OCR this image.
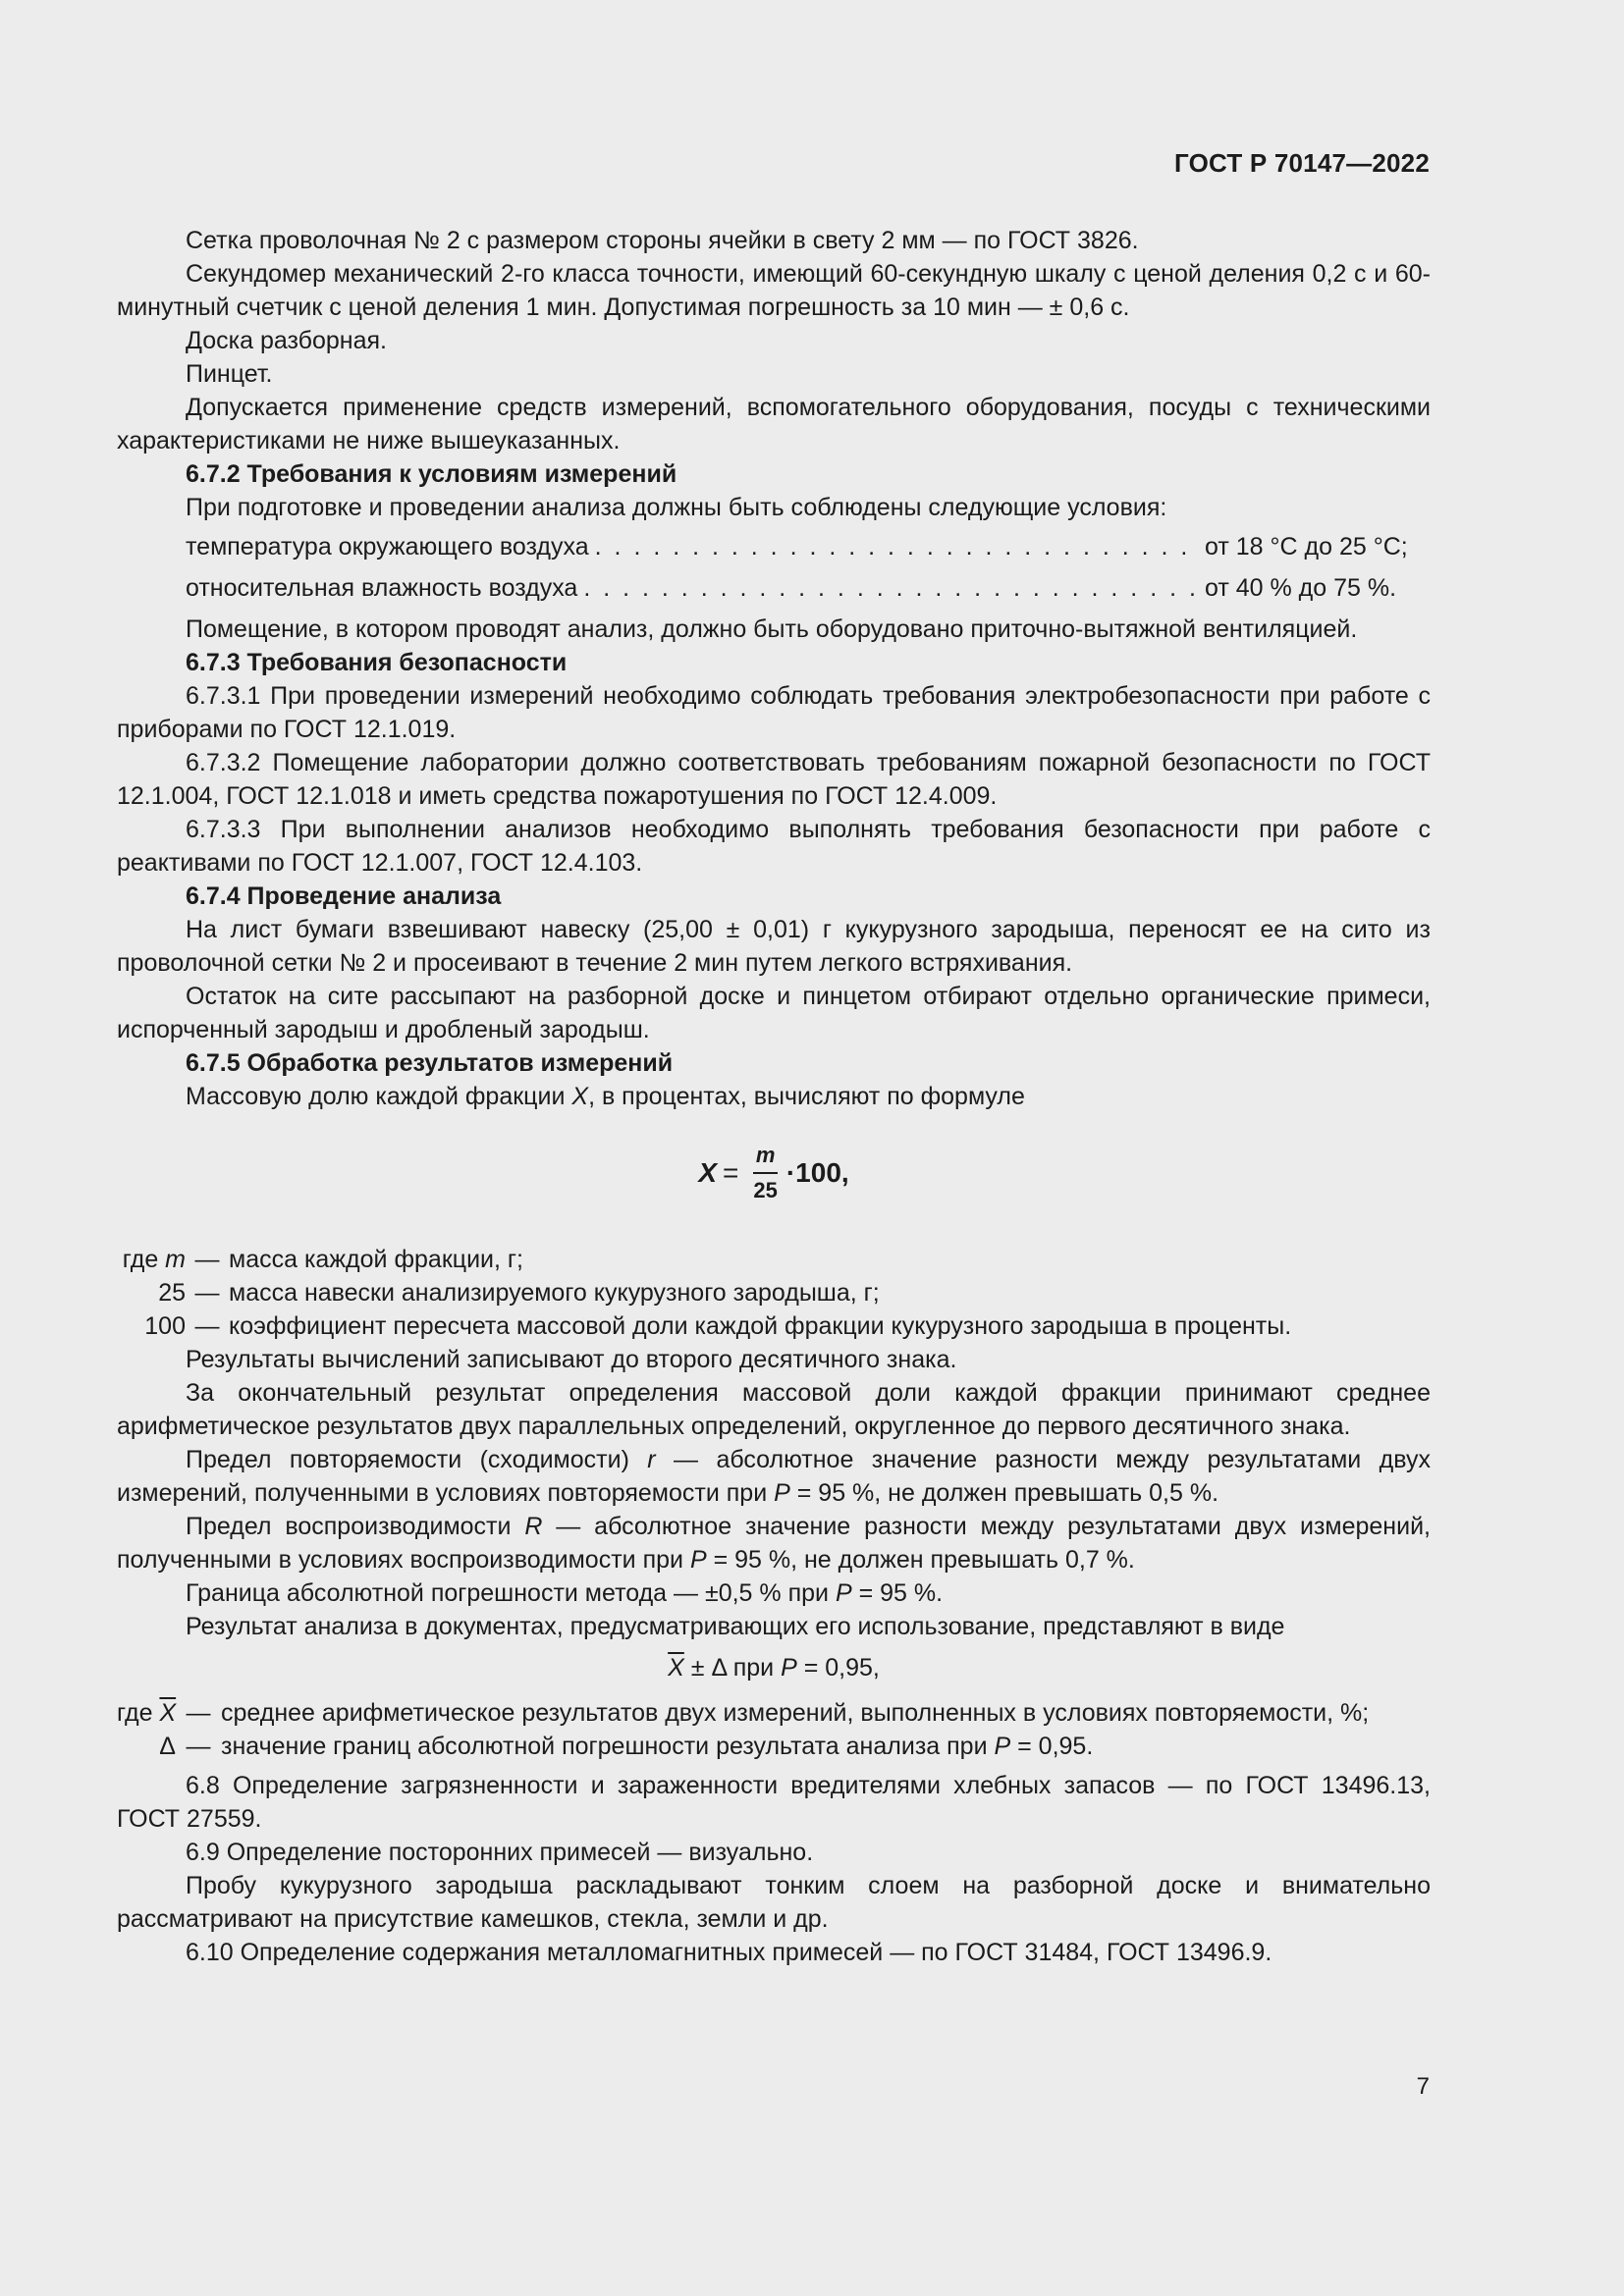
ГОСТ Р 70147—2022

Сетка проволочная № 2 с размером стороны ячейки в свету 2 мм — по ГОСТ 3826.

Секундомер механический 2-го класса точности, имеющий 60-секундную шкалу с ценой деления 0,2 с и 60-минутный счетчик с ценой деления 1 мин. Допустимая погрешность за 10 мин — ± 0,6 с.

Доска разборная.

Пинцет.

Допускается применение средств измерений, вспомогательного оборудования, посуды с техническими характеристиками не ниже вышеуказанных.

6.7.2 Требования к условиям измерений

При подготовке и проведении анализа должны быть соблюдены следующие условия:

температура окружающего воздуха . . .	от 18 °С до 25 °С;
относительная влажность воздуха . . .	от 40 % до 75 %.

Помещение, в котором проводят анализ, должно быть оборудовано приточно-вытяжной вентиляцией.

6.7.3 Требования безопасности

6.7.3.1 При проведении измерений необходимо соблюдать требования электробезопасности при работе с приборами по ГОСТ 12.1.019.

6.7.3.2 Помещение лаборатории должно соответствовать требованиям пожарной безопасности по ГОСТ 12.1.004, ГОСТ 12.1.018 и иметь средства пожаротушения по ГОСТ 12.4.009.

6.7.3.3 При выполнении анализов необходимо выполнять требования безопасности при работе с реактивами по ГОСТ 12.1.007, ГОСТ 12.4.103.

6.7.4 Проведение анализа

На лист бумаги взвешивают навеску (25,00 ± 0,01) г кукурузного зародыша, переносят ее на сито из проволочной сетки № 2 и просеивают в течение 2 мин путем легкого встряхивания.

Остаток на сите рассыпают на разборной доске и пинцетом отбирают отдельно органические примеси, испорченный зародыш и дробленый зародыш.

6.7.5 Обработка результатов измерений

Массовую долю каждой фракции X, в процентах, вычисляют по формуле

$X = \frac{m}{25} \cdot 100$,
где m — масса каждой фракции, г;
25 — масса навески анализируемого кукурузного зародыша, г;
100 — коэффициент пересчета массовой доли каждой фракции кукурузного зародыша в проценты.

Результаты вычислений записывают до второго десятичного знака.

За окончательный результат определения массовой доли каждой фракции принимают среднее арифметическое результатов двух параллельных определений, округленное до первого десятичного знака.

Предел повторяемости (сходимости) r — абсолютное значение разности между результатами двух измерений, полученными в условиях повторяемости при P = 95 %, не должен превышать 0,5 %.

Предел воспроизводимости R — абсолютное значение разности между результатами двух измерений, полученными в условиях воспроизводимости при P = 95 %, не должен превышать 0,7 %.

Граница абсолютной погрешности метода — ±0,5 % при P = 95 %.

Результат анализа в документах, предусматривающих его использование, представляют в виде

$\overline{X} \pm \Delta$ при P = 0,95,
где $\overline{X}$ — среднее арифметическое результатов двух измерений, выполненных в условиях повторяемости, %;
Δ — значение границ абсолютной погрешности результата анализа при P = 0,95.

6.8 Определение загрязненности и зараженности вредителями хлебных запасов — по ГОСТ 13496.13, ГОСТ 27559.

6.9 Определение посторонних примесей — визуально.

Пробу кукурузного зародыша раскладывают тонким слоем на разборной доске и внимательно рассматривают на присутствие камешков, стекла, земли и др.

6.10 Определение содержания металломагнитных примесей — по ГОСТ 31484, ГОСТ 13496.9.

7
